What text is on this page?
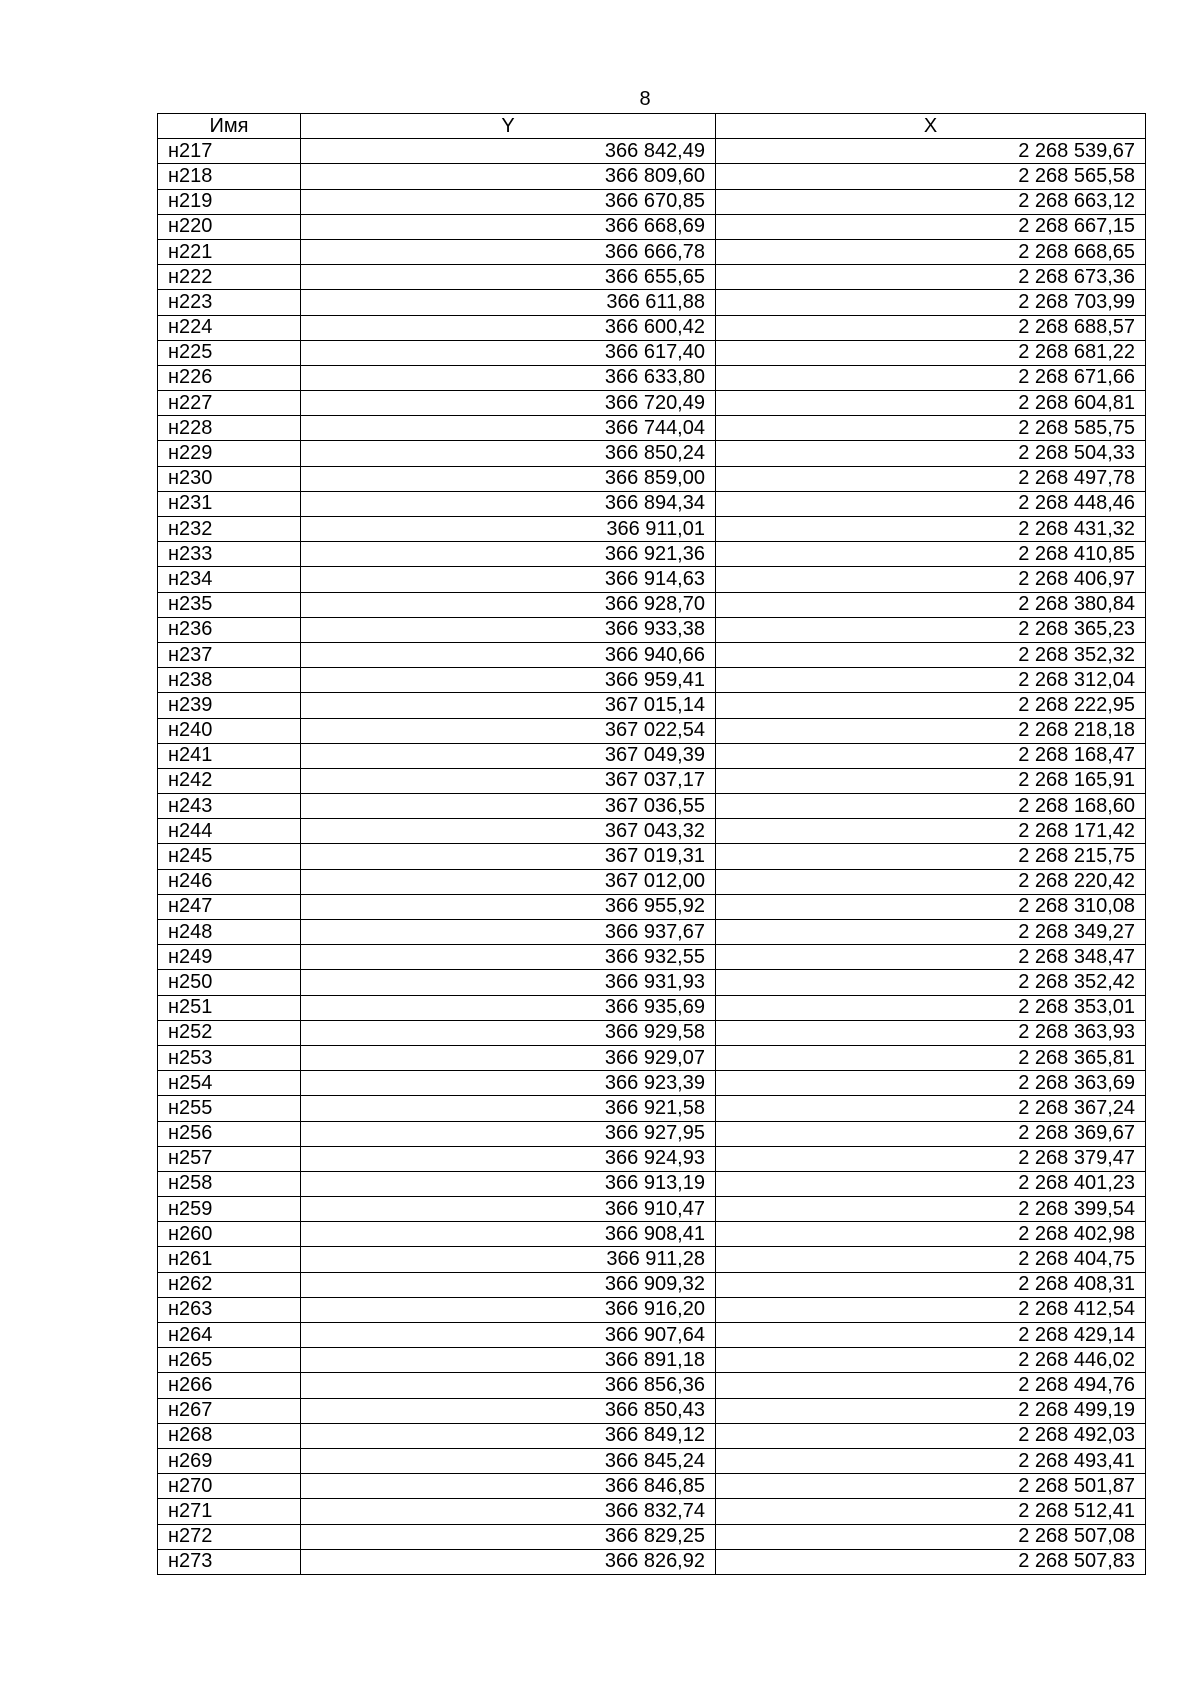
8
Имя	Y	X
н217	366 842,49	2 268 539,67
н218	366 809,60	2 268 565,58
н219	366 670,85	2 268 663,12
н220	366 668,69	2 268 667,15
н221	366 666,78	2 268 668,65
н222	366 655,65	2 268 673,36
н223	366 611,88	2 268 703,99
н224	366 600,42	2 268 688,57
н225	366 617,40	2 268 681,22
н226	366 633,80	2 268 671,66
н227	366 720,49	2 268 604,81
н228	366 744,04	2 268 585,75
н229	366 850,24	2 268 504,33
н230	366 859,00	2 268 497,78
н231	366 894,34	2 268 448,46
н232	366 911,01	2 268 431,32
н233	366 921,36	2 268 410,85
н234	366 914,63	2 268 406,97
н235	366 928,70	2 268 380,84
н236	366 933,38	2 268 365,23
н237	366 940,66	2 268 352,32
н238	366 959,41	2 268 312,04
н239	367 015,14	2 268 222,95
н240	367 022,54	2 268 218,18
н241	367 049,39	2 268 168,47
н242	367 037,17	2 268 165,91
н243	367 036,55	2 268 168,60
н244	367 043,32	2 268 171,42
н245	367 019,31	2 268 215,75
н246	367 012,00	2 268 220,42
н247	366 955,92	2 268 310,08
н248	366 937,67	2 268 349,27
н249	366 932,55	2 268 348,47
н250	366 931,93	2 268 352,42
н251	366 935,69	2 268 353,01
н252	366 929,58	2 268 363,93
н253	366 929,07	2 268 365,81
н254	366 923,39	2 268 363,69
н255	366 921,58	2 268 367,24
н256	366 927,95	2 268 369,67
н257	366 924,93	2 268 379,47
н258	366 913,19	2 268 401,23
н259	366 910,47	2 268 399,54
н260	366 908,41	2 268 402,98
н261	366 911,28	2 268 404,75
н262	366 909,32	2 268 408,31
н263	366 916,20	2 268 412,54
н264	366 907,64	2 268 429,14
н265	366 891,18	2 268 446,02
н266	366 856,36	2 268 494,76
н267	366 850,43	2 268 499,19
н268	366 849,12	2 268 492,03
н269	366 845,24	2 268 493,41
н270	366 846,85	2 268 501,87
н271	366 832,74	2 268 512,41
н272	366 829,25	2 268 507,08
н273	366 826,92	2 268 507,83
